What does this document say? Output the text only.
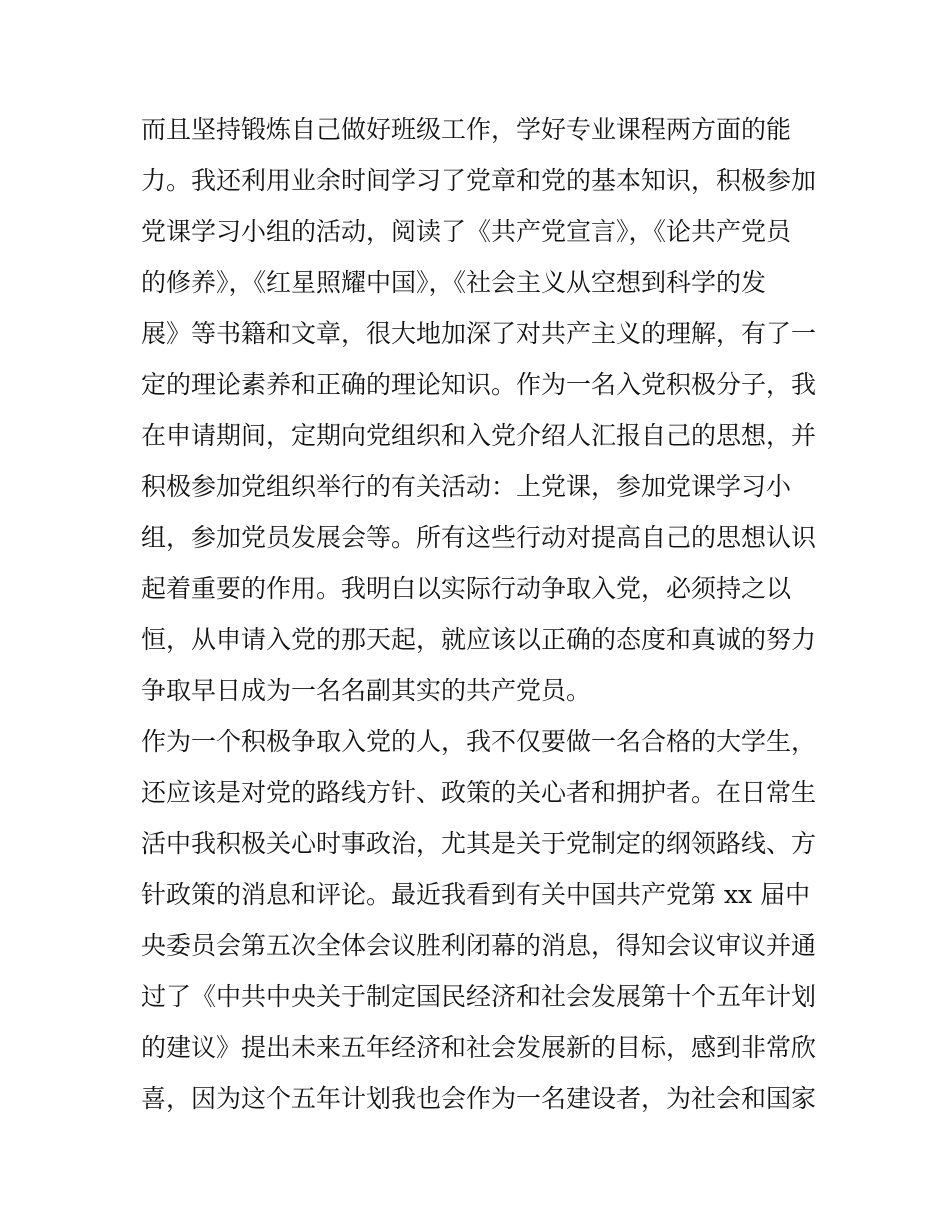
而且坚持锻炼自己做好班级工作，学好专业课程两方面的能
力。我还利用业余时间学习了党章和党的基本知识，积极参加
党课学习小组的活动，阅读了《共产党宣言》，《论共产党员
的修养》，《红星照耀中国》，《社会主义从空想到科学的发
展》等书籍和文章，很大地加深了对共产主义的理解，有了一
定的理论素养和正确的理论知识。作为一名入党积极分子，我
在申请期间，定期向党组织和入党介绍人汇报自己的思想，并
积极参加党组织举行的有关活动：上党课，参加党课学习小
组，参加党员发展会等。所有这些行动对提高自己的思想认识
起着重要的作用。我明白以实际行动争取入党，必须持之以
恒，从申请入党的那天起，就应该以正确的态度和真诚的努力
争取早日成为一名名副其实的共产党员。
作为一个积极争取入党的人，我不仅要做一名合格的大学生，
还应该是对党的路线方针、政策的关心者和拥护者。在日常生
活中我积极关心时事政治，尤其是关于党制定的纲领路线、方
针政策的消息和评论。最近我看到有关中国共产党第 xx 届中
央委员会第五次全体会议胜利闭幕的消息，得知会议审议并通
过了《中共中央关于制定国民经济和社会发展第十个五年计划
的建议》提出未来五年经济和社会发展新的目标，感到非常欣
喜，因为这个五年计划我也会作为一名建设者，为社会和国家
